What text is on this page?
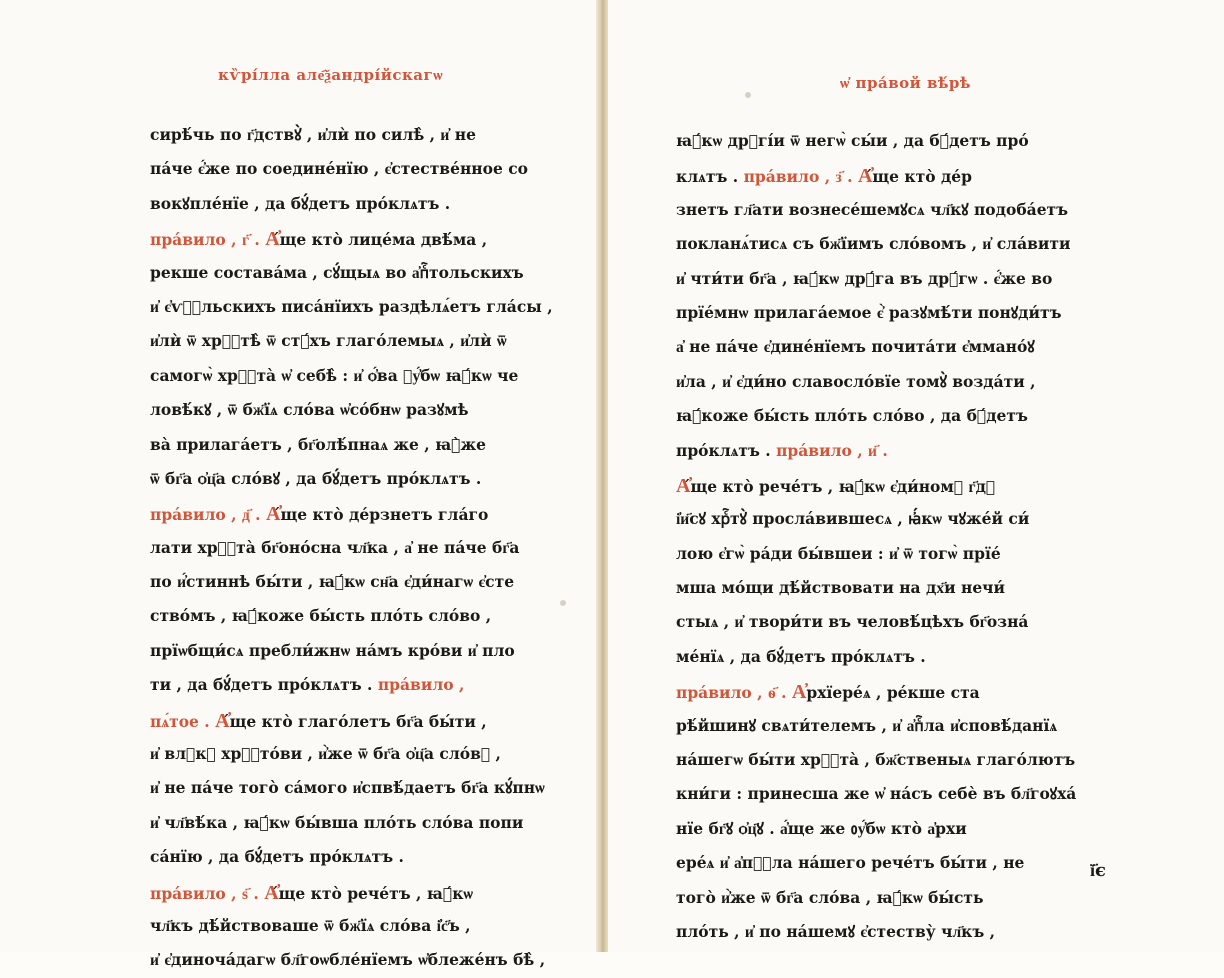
кѷрі́лла але҄ѯандрі́йскагѡ
сирѣ́чь по г҃дствꙋ̀ , и҆лѝ по силѣ̀ , и҆ не
па́че є҆́же по соедине́нїю , є҆стестве́нное со
вокꙋпле́нїе , да бꙋ́детъ про́клѧтъ .
пра́вило , г҃ . А҆́ще кто̀ лице́ма двѣ́ма ,
рекше состава́ма , сꙋ́щыѧ во а҆пⷭ҇тольскихъ
и҆ є҆ѵⷢ҇льскихъ писа́нїихъ раздѣлѧ́етъ гла́сы ,
и҆лѝ ѿ хрⷭ҇тѣ̀ ѿ стꙋ́хъ глаго́лемыѧ , и҆лѝ ѿ
самогѡ̀ хрⷭ҇та̀ ѡ҆ себѣ̀ : и҆ ѻ҆́ва ᲂу҆́бѡ ꙗ҆́кѡ че
ловѣ́кꙋ , ѿ бж҃їѧ сло́ва ѡ҆со́бнѡ разꙋмѣ
ва̀ прилага́етъ , бг҃олѣ́пнаѧ же , ꙗ҆̀же
ѿ бг҃а ѻ҆ц҃а сло́вꙋ , да бꙋ́детъ про́клѧтъ .
пра́вило , д҃ . А҆́ще кто̀ де́рзнетъ гла́го
лати хрⷭ҇та̀ бг҃оно́сна чл҃ка , а҆ не па́че бг҃а
по и҆́стиннѣ бы́ти , ꙗ҆́кѡ сн҃а є҆ди́нагѡ є҆сте
ство́мъ , ꙗ҆́коже бы́сть пло́ть сло́во ,
прїѡбщи́сѧ пребли́жнѡ на́мъ кро́ви и҆ пло
ти , да бꙋ́детъ про́клѧтъ . пра́вило ,
пѧ́тое . А҆́ще кто̀ глаго́летъ бг҃а бы́ти ,
и҆ влⷣкꙋ хрⷭ҇то́ви , и҆̀же ѿ бг҃а ѻ҆ц҃а сло́вꙋ ,
и҆ не па́че того̀ са́мого и҆спвѣ́даетъ бг҃а кꙋ́пнѡ
и҆ чл҃вѣ́ка , ꙗ҆́кѡ бы́вша пло́ть сло́ва попи
са́нїю , да бꙋ́детъ про́клѧтъ .
пра́вило , ѕ҃ . А҆́ще кто̀ рече́тъ , ꙗ҆́кѡ
чл҃къ дѣ́йствоваше ѿ бж҃їѧ сло́ва і҆҆с҃ъ ,
и҆ є҆диноча́дагѡ бл҃гоѡбле́нїемъ ѡ҆блеже́нъ бѣ̀ ,
ѡ҆ пра́вой вѣ́рѣ
ꙗ҆́кѡ дрꙋгі́и ѿ негѡ̀ сы́и , да бꙋ́детъ про́
клѧтъ . пра́вило , з҃ . А҆́ще кто̀ де́р
знетъ гл҃ати вознесе́шемꙋсѧ чл҃кꙋ подоба́етъ
покланѧ́тисѧ съ бж҃їимъ сло́вомъ , и҆ сла́вити
и҆ чти́ти бг҃а , ꙗ҆́кѡ дрꙋ́га въ дрꙋ́гѡ . є҆́же во
прїе́мнѡ прилага́емое є҆̀ разꙋмѣ́ти понꙋди́тъ
а҆ не па́че є҆дине́нїемъ почита́ти є҆ммано́ꙋ
и҆ла , и҆ є҆ди́но славосло́вїе томꙋ̀ возда́ти ,
ꙗ҆́коже бы́сть пло́ть сло́во , да бꙋ́детъ
про́клѧтъ . пра́вило , и҃ .
А҆́ще кто̀ рече́тъ , ꙗ҆́кѡ є҆ди́номꙋ г҃дꙋ
і҆и҃сꙋ хрⷭ҇тꙋ̀ просла́вившесѧ , ꙗ҆́кѡ чꙋже́й си́
лою є҆гѡ̀ ра́ди бы́вшеи : и҆ ѿ тогѡ̀ прїе́
мша мо́щи дѣ́йствовати на дх҃и нечи́
стыѧ , и҆ твори́ти въ человѣ́цѣхъ бг҃озна́
ме́нїѧ , да бꙋ́детъ про́клѧтъ .
пра́вило , ѳ҃ . А҆рхїере́ѧ , ре́кше ста
рѣ́йшинꙋ свѧти́телемъ , и҆ а҆пⷭ҇ла и҆сповѣ́данїѧ
на́шегѡ бы́ти хрⷭ҇та̀ , бж҃ственыѧ глаго́лютъ
кни́ги : принесша же ѡ҆ на́съ себѐ въ бл҃гоꙋха́
нїе бг҃ꙋ ѻ҆ц҃ꙋ . а҆́ще же ᲂу҆́бѡ кто̀ а҆рхи
ере́ѧ и҆ а҆пⷭ҇ла на́шего рече́тъ бы́ти , не
того̀ и҆̀же ѿ бг҃а сло́ва , ꙗ҆́кѡ бы́сть
пло́ть , и҆ по на́шемꙋ є҆стеству̀ чл҃къ ,
ї҃є
